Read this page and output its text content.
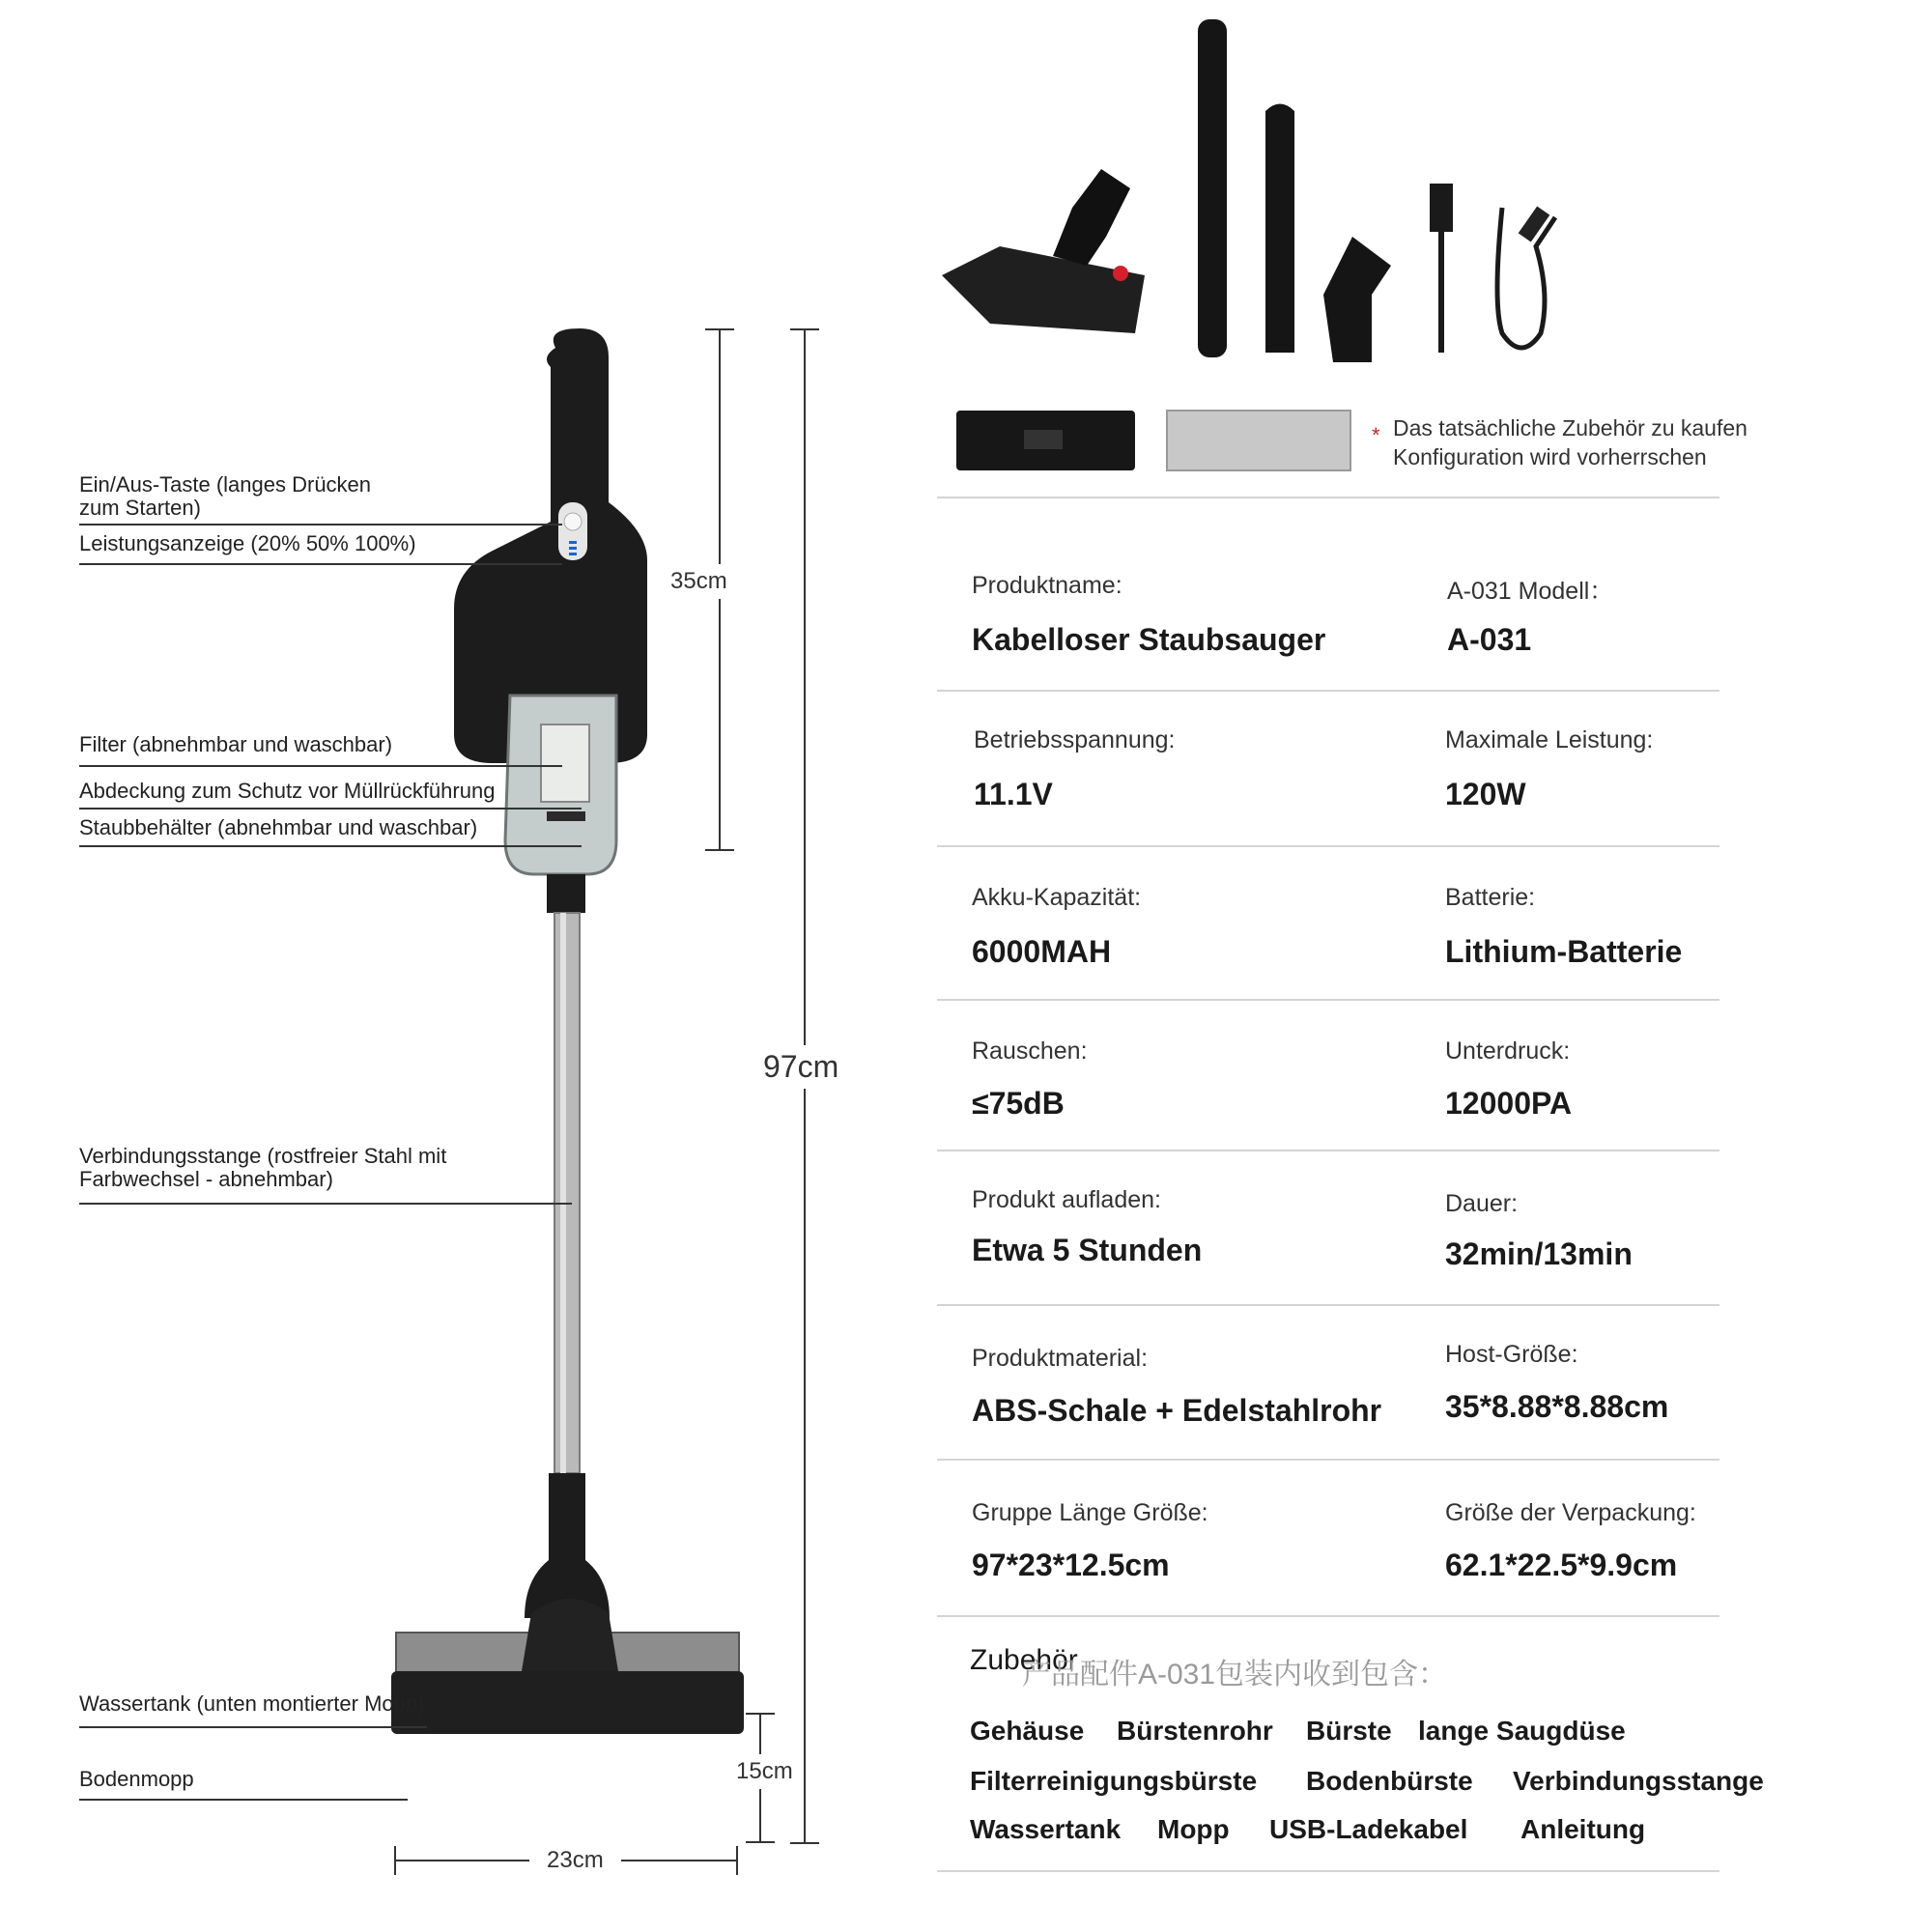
Ein/Aus-Taste (langes Drücken
zum Starten)
Leistungsanzeige (20% 50% 100%)
Filter (abnehmbar und waschbar)
Abdeckung zum Schutz vor Müllrückführung
Staubbehälter (abnehmbar und waschbar)
Verbindungsstange (rostfreier Stahl mit
Farbwechsel - abnehmbar)
Wassertank (unten montierter Mopp)
Bodenmopp
35cm
97cm
15cm
23cm
* Das tatsächliche Zubehör zu kaufen
Konfiguration wird vorherrschen
Produktname:
Kabelloser Staubsauger
A-031 Modell：
A-031
Betriebsspannung:
11.1V
Maximale Leistung:
120W
Akku-Kapazität:
6000MAH
Batterie:
Lithium-Batterie
Rauschen:
≤75dB
Unterdruck:
12000PA
Produkt aufladen:
Etwa 5 Stunden
Dauer:
32min/13min
Produktmaterial:
ABS-Schale + Edelstahlrohr
Host-Größe:
35*8.88*8.88cm
Gruppe Länge Größe:
97*23*12.5cm
Größe der Verpackung:
62.1*22.5*9.9cm
Zubehör
产品配件A-031包装内收到包含：
Gehäuse Bürstenrohr Bürste lange Saugdüse
Filterreinigungsbürste Bodenbürste Verbindungsstange
Wassertank Mopp USB-Ladekabel Anleitung
